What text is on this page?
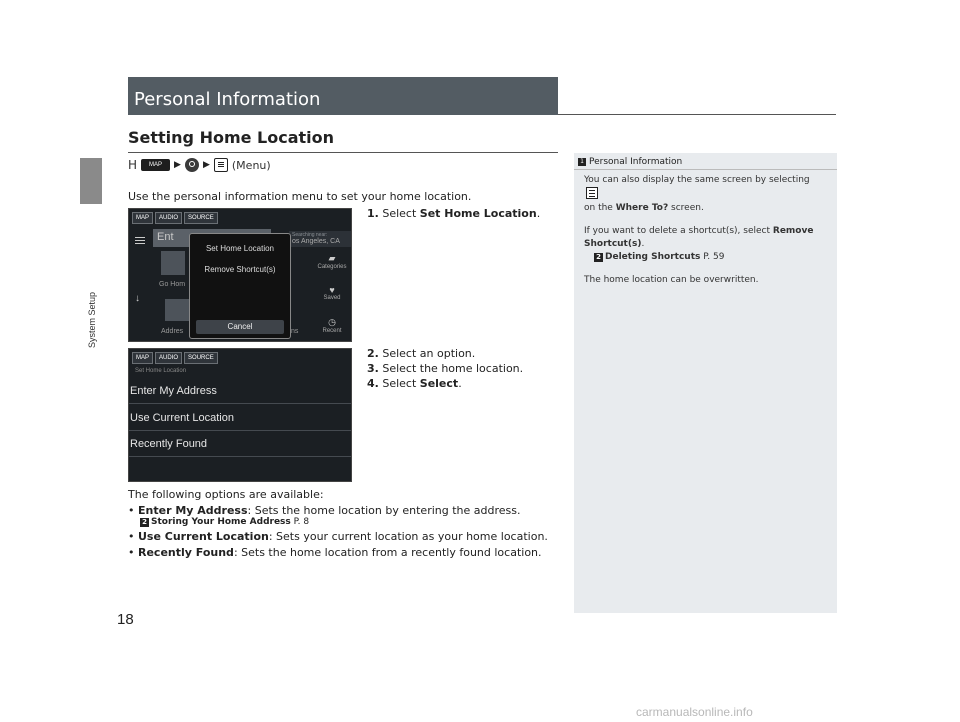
System Setup
18
Personal Information
Setting Home Location
H	MAP	▶ ▶ (Menu)
Use the personal information menu to set your home location.
MAP	AUDIO	SOURCE
Ent	Searching near:
os Angeles, CA
↓
Go Hom
Addres	ns
▰
Categories
♥
Saved
◷
Recent
Set Home Location
Remove Shortcut(s)
Cancel
MAP	AUDIO	SOURCE
Set Home Location
Enter My Address
Use Current Location
Recently Found
1. Select Set Home Location.
2. Select an option.
3. Select the home location.
4. Select Select.
The following options are available:
• Enter My Address: Sets the home location by entering the address.
2 Storing Your Home Address P. 8
• Use Current Location: Sets your current location as your home location.
• Recently Found: Sets the home location from a recently found location.
1 Personal Information

You can also display the same screen by selecting
on the Where To? screen.

If you want to delete a shortcut(s), select Remove Shortcut(s).
2 Deleting Shortcuts P. 59

The home location can be overwritten.

carmanualsonline.info
